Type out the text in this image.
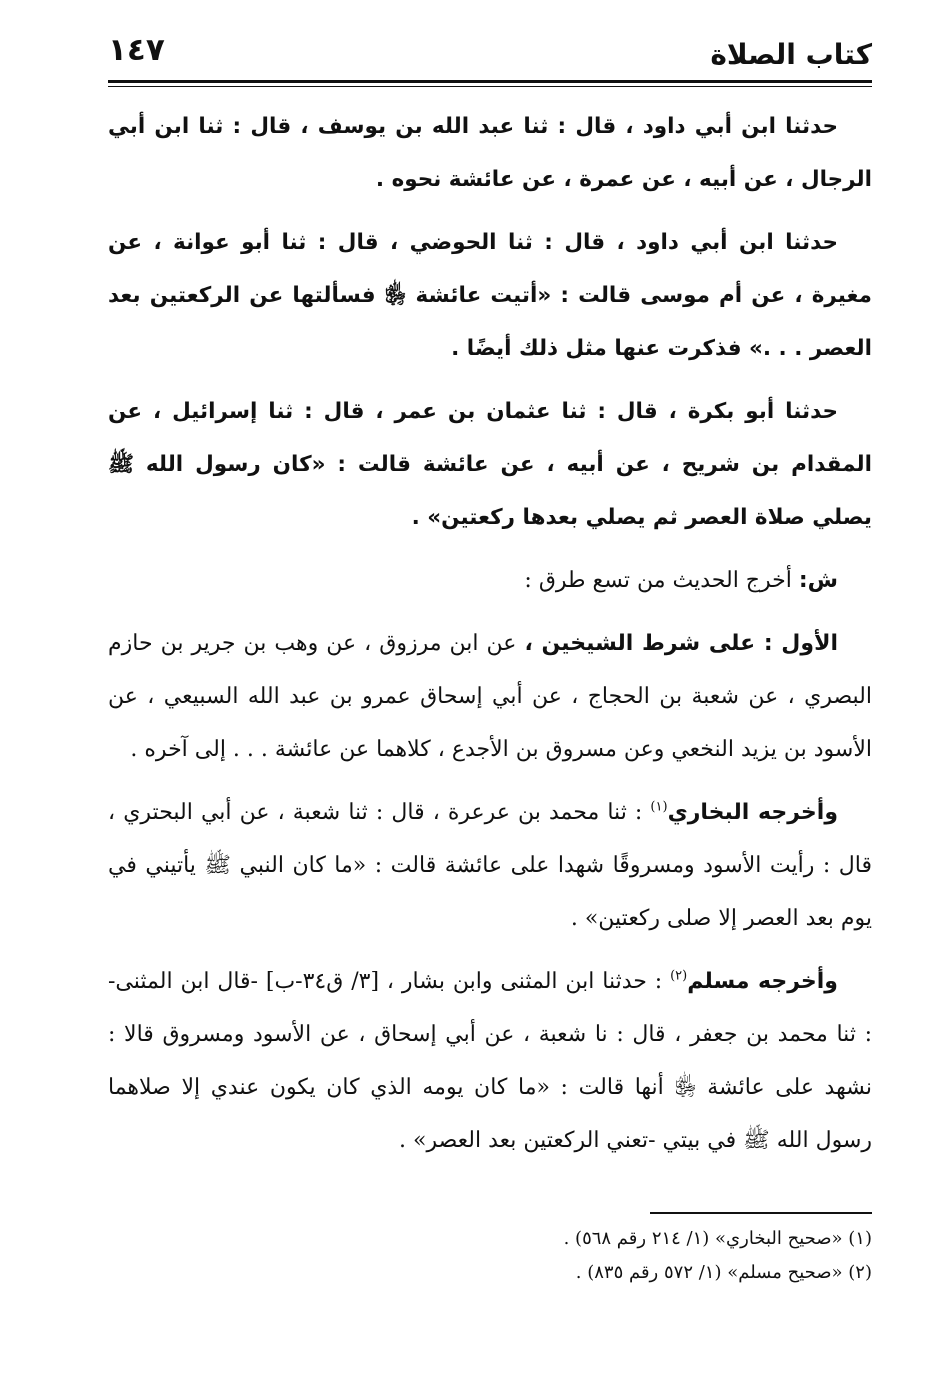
كتاب الصلاة
١٤٧

حدثنا ابن أبي داود ، قال : ثنا عبد الله بن يوسف ، قال : ثنا ابن أبي الرجال ، عن أبيه ، عن عمرة ، عن عائشة نحوه .

حدثنا ابن أبي داود ، قال : ثنا الحوضي ، قال : ثنا أبو عوانة ، عن مغيرة ، عن أم موسى قالت : «أتيت عائشة ﵂ فسألتها عن الركعتين بعد العصر . . .» فذكرت عنها مثل ذلك أيضًا .

حدثنا أبو بكرة ، قال : ثنا عثمان بن عمر ، قال : ثنا إسرائيل ، عن المقدام بن شريح ، عن أبيه ، عن عائشة قالت : «كان رسول الله ﷺ يصلي صلاة العصر ثم يصلي بعدها ركعتين» .

ش: أخرج الحديث من تسع طرق :

الأول : على شرط الشيخين ، عن ابن مرزوق ، عن وهب بن جرير بن حازم البصري ، عن شعبة بن الحجاج ، عن أبي إسحاق عمرو بن عبد الله السبيعي ، عن الأسود بن يزيد النخعي وعن مسروق بن الأجدع ، كلاهما عن عائشة . . . إلى آخره .

وأخرجه البخاري$^{(١)}$ : ثنا محمد بن عرعرة ، قال : ثنا شعبة ، عن أبي البحتري ، قال : رأيت الأسود ومسروقًا شهدا على عائشة قالت : «ما كان النبي ﷺ يأتيني في يوم بعد العصر إلا صلى ركعتين» .

وأخرجه مسلم$^{(٢)}$ : حدثنا ابن المثنى وابن بشار ، [٣/ ق٣٤-ب] -قال ابن المثنى- : ثنا محمد بن جعفر ، قال : نا شعبة ، عن أبي إسحاق ، عن الأسود ومسروق قالا : نشهد على عائشة ﵂ أنها قالت : «ما كان يومه الذي كان يكون عندي إلا صلاهما رسول الله ﷺ في بيتي -تعني الركعتين بعد العصر» .

(١) «صحيح البخاري» (١/ ٢١٤ رقم ٥٦٨) .

(٢) «صحيح مسلم» (١/ ٥٧٢ رقم ٨٣٥) .
